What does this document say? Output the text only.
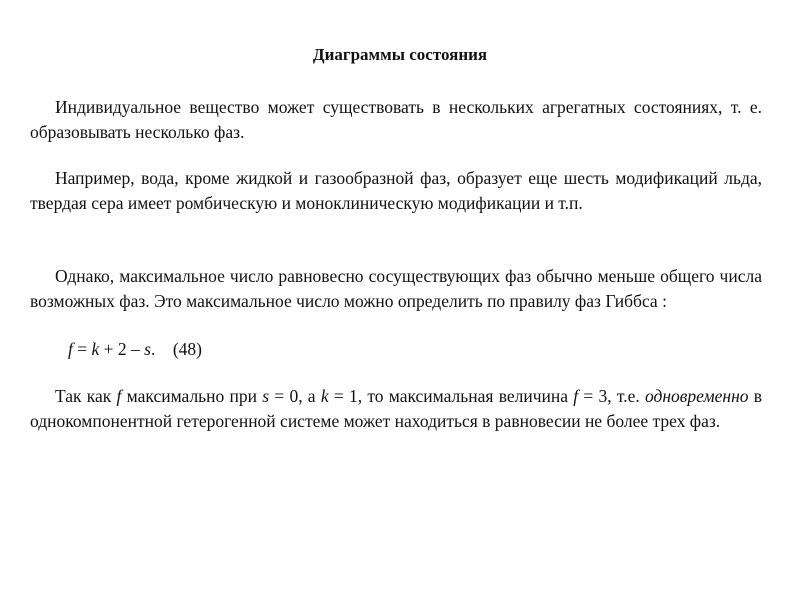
Диаграммы состояния

Индивидуальное вещество может существовать в нескольких агрегатных состояниях, т. е. образовывать несколько фаз.

Например, вода, кроме жидкой и газообразной фаз, образует еще шесть модификаций льда, твердая сера имеет ромбическую и моноклиническую модификации и т.п.

Однако, максимальное число равновесно сосуществующих фаз обычно меньше общего числа возможных фаз. Это максимальное число можно определить по правилу фаз Гиббса :

f = k + 2 – s.  (48)

Так как f максимально при s = 0, а k = 1, то максимальная величина f = 3, т.е. одновременно в однокомпонентной гетерогенной системе может находиться в равновесии не более трех фаз.
